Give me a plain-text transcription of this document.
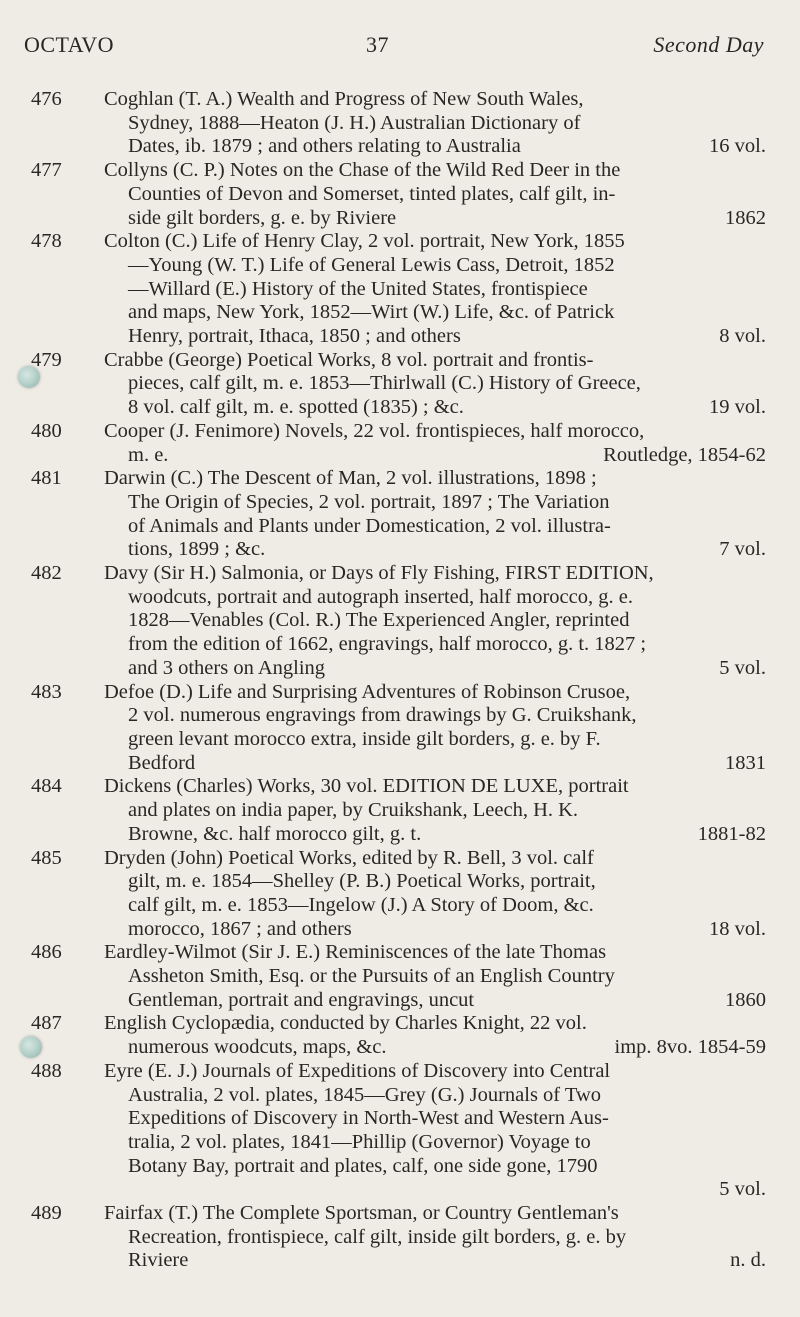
OCTAVO	37	Second Day
476 Coghlan (T. A.) Wealth and Progress of New South Wales,
Sydney, 1888—Heaton (J. H.) Australian Dictionary of
Dates, ib. 1879 ; and others relating to Australia	16 vol.
477 Collyns (C. P.) Notes on the Chase of the Wild Red Deer in the
Counties of Devon and Somerset, tinted plates, calf gilt, in-
side gilt borders, g. e. by Riviere	1862
478 Colton (C.) Life of Henry Clay, 2 vol. portrait, New York, 1855
—Young (W. T.) Life of General Lewis Cass, Detroit, 1852
—Willard (E.) History of the United States, frontispiece
and maps, New York, 1852—Wirt (W.) Life, &c. of Patrick
Henry, portrait, Ithaca, 1850 ; and others	8 vol.
479 Crabbe (George) Poetical Works, 8 vol. portrait and frontis-
pieces, calf gilt, m. e. 1853—Thirlwall (C.) History of Greece,
8 vol. calf gilt, m. e. spotted (1835) ; &c.	19 vol.
480 Cooper (J. Fenimore) Novels, 22 vol. frontispieces, half morocco,
m. e.	Routledge, 1854-62
481 Darwin (C.) The Descent of Man, 2 vol. illustrations, 1898 ;
The Origin of Species, 2 vol. portrait, 1897 ; The Variation
of Animals and Plants under Domestication, 2 vol. illustra-
tions, 1899 ; &c.	7 vol.
482 Davy (Sir H.) Salmonia, or Days of Fly Fishing, FIRST EDITION,
woodcuts, portrait and autograph inserted, half morocco, g. e.
1828—Venables (Col. R.) The Experienced Angler, reprinted
from the edition of 1662, engravings, half morocco, g. t. 1827 ;
and 3 others on Angling	5 vol.
483 Defoe (D.) Life and Surprising Adventures of Robinson Crusoe,
2 vol. numerous engravings from drawings by G. Cruikshank,
green levant morocco extra, inside gilt borders, g. e. by F.
Bedford	1831
484 Dickens (Charles) Works, 30 vol. EDITION DE LUXE, portrait
and plates on india paper, by Cruikshank, Leech, H. K.
Browne, &c. half morocco gilt, g. t.	1881-82
485 Dryden (John) Poetical Works, edited by R. Bell, 3 vol. calf
gilt, m. e. 1854—Shelley (P. B.) Poetical Works, portrait,
calf gilt, m. e. 1853—Ingelow (J.) A Story of Doom, &c.
morocco, 1867 ; and others	18 vol.
486 Eardley-Wilmot (Sir J. E.) Reminiscences of the late Thomas
Assheton Smith, Esq. or the Pursuits of an English Country
Gentleman, portrait and engravings, uncut	1860
487 English Cyclopædia, conducted by Charles Knight, 22 vol.
numerous woodcuts, maps, &c.	imp. 8vo. 1854-59
488 Eyre (E. J.) Journals of Expeditions of Discovery into Central
Australia, 2 vol. plates, 1845—Grey (G.) Journals of Two
Expeditions of Discovery in North-West and Western Aus-
tralia, 2 vol. plates, 1841—Phillip (Governor) Voyage to
Botany Bay, portrait and plates, calf, one side gone, 1790

5 vol.
489 Fairfax (T.) The Complete Sportsman, or Country Gentleman's
Recreation, frontispiece, calf gilt, inside gilt borders, g. e. by
Riviere	n. d.
